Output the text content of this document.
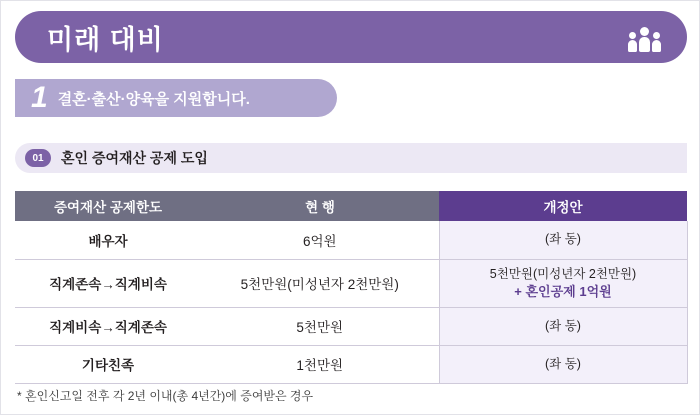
미래 대비
1 결혼·출산·양육을 지원합니다.
01	혼인 증여재산 공제 도입
증여재산 공제한도	현 행	개정안
배우자	6억원	(좌 동)

직계존속→직계비속	5천만원(미성년자 2천만원)	5천만원(미성년자 2천만원)
+ 혼인공제 1억원

직계비속→직계존속	5천만원	(좌 동)

기타친족	1천만원	(좌 동)
* 혼인신고일 전후 각 2년 이내(총 4년간)에 증여받은 경우
